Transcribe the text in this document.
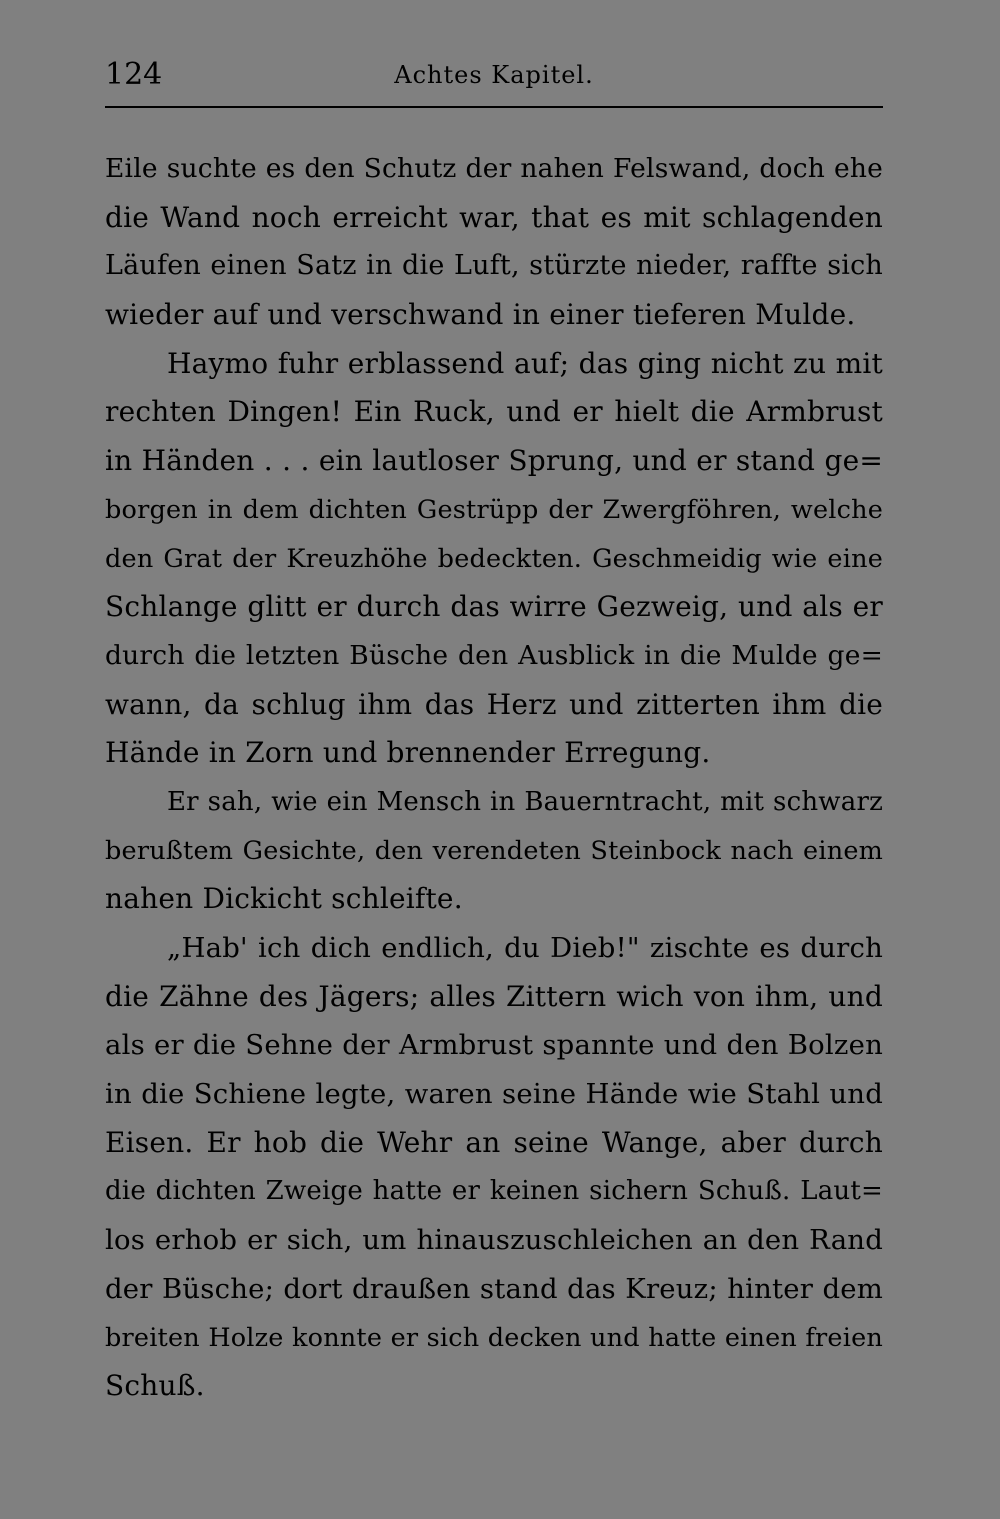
124	Achtes Kapitel.
Eile suchte es den Schutz der nahen Felswand, doch ehe
die Wand noch erreicht war, that es mit schlagenden
Läufen einen Satz in die Luft, stürzte nieder, raffte sich
wieder auf und verschwand in einer tieferen Mulde.
Haymo fuhr erblassend auf; das ging nicht zu mit
rechten Dingen! Ein Ruck, und er hielt die Armbrust
in Händen . . . ein lautloser Sprung, und er stand ge=
borgen in dem dichten Gestrüpp der Zwergföhren, welche
den Grat der Kreuzhöhe bedeckten. Geschmeidig wie eine
Schlange glitt er durch das wirre Gezweig, und als er
durch die letzten Büsche den Ausblick in die Mulde ge=
wann, da schlug ihm das Herz und zitterten ihm die
Hände in Zorn und brennender Erregung.
Er sah, wie ein Mensch in Bauerntracht, mit schwarz
berußtem Gesichte, den verendeten Steinbock nach einem
nahen Dickicht schleifte.
„Hab' ich dich endlich, du Dieb!" zischte es durch
die Zähne des Jägers; alles Zittern wich von ihm, und
als er die Sehne der Armbrust spannte und den Bolzen
in die Schiene legte, waren seine Hände wie Stahl und
Eisen. Er hob die Wehr an seine Wange, aber durch
die dichten Zweige hatte er keinen sichern Schuß. Laut=
los erhob er sich, um hinauszuschleichen an den Rand
der Büsche; dort draußen stand das Kreuz; hinter dem
breiten Holze konnte er sich decken und hatte einen freien
Schuß.
